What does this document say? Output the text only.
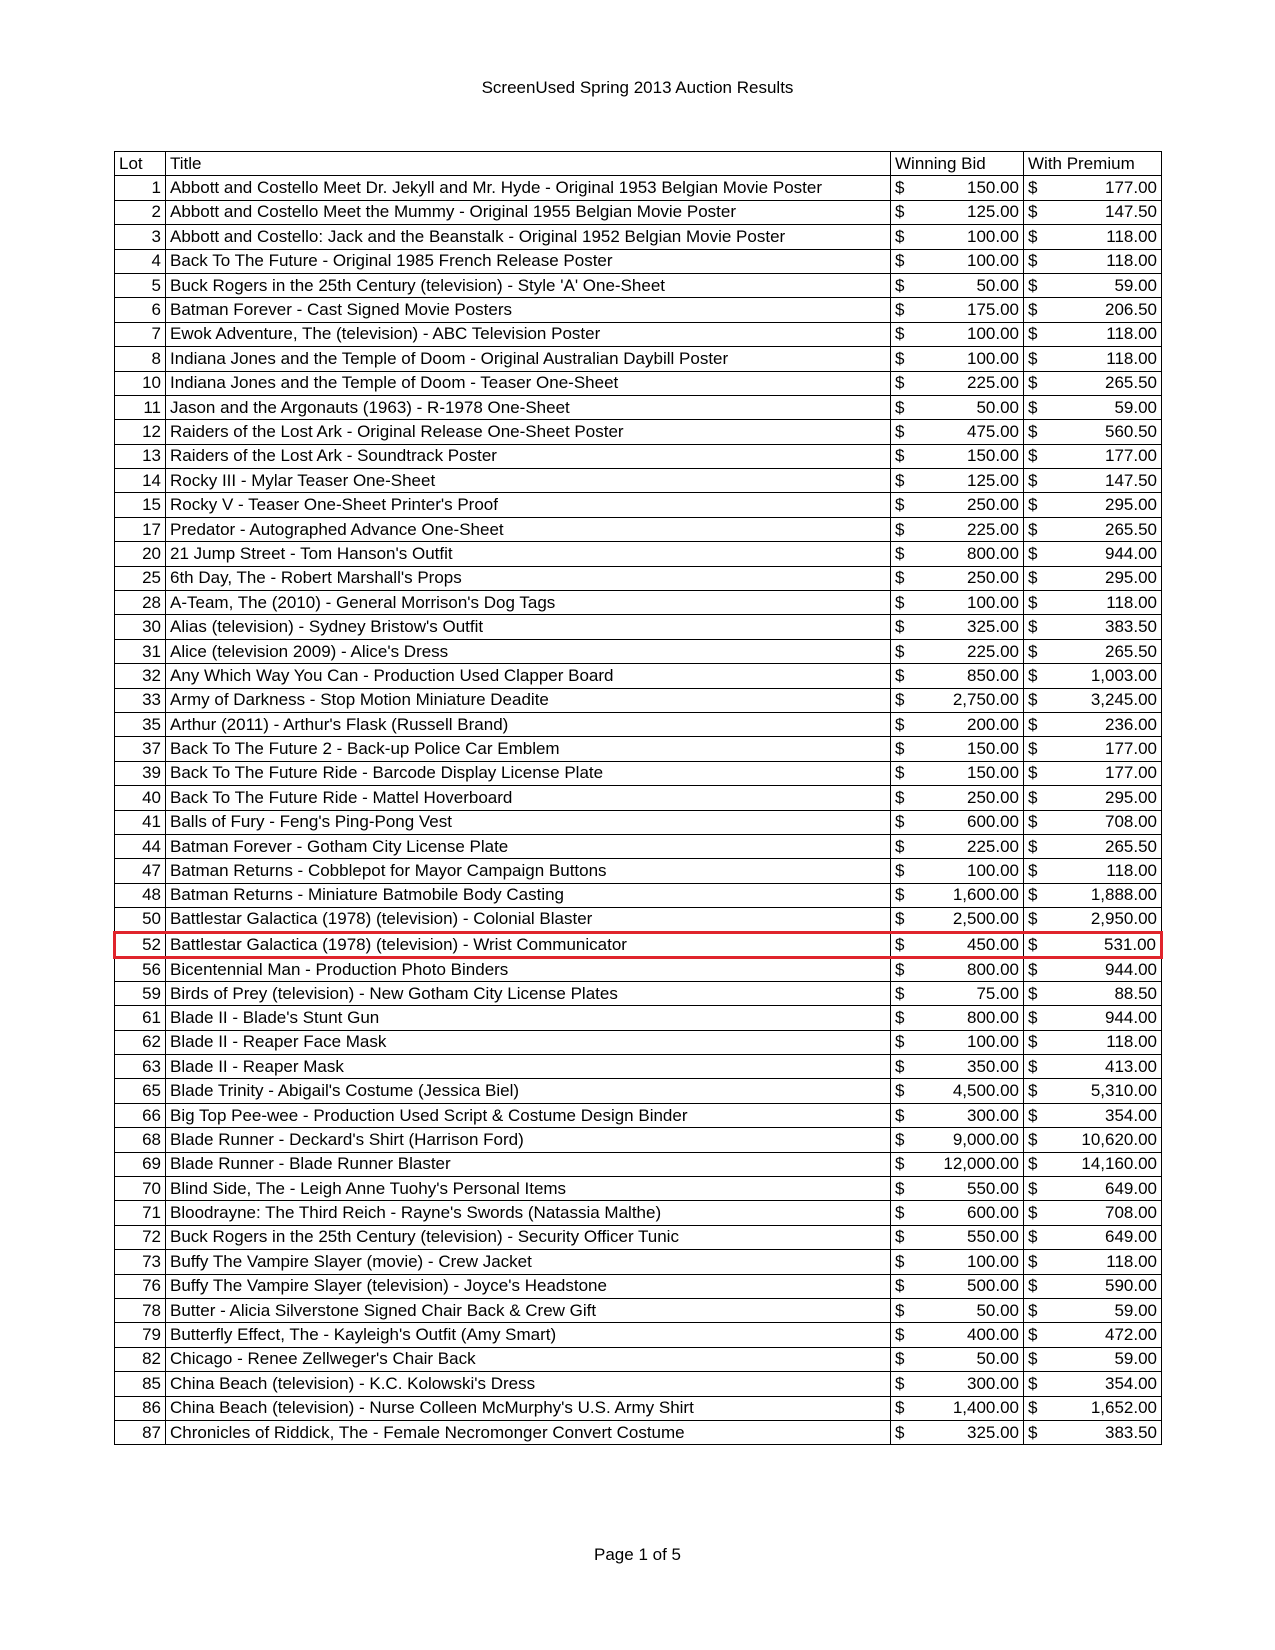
ScreenUsed Spring 2013 Auction Results
Lot	Title	Winning Bid	With Premium
1	Abbott and Costello Meet Dr. Jekyll and Mr. Hyde - Original 1953 Belgian Movie Poster	$ 150.00	$ 177.00

2	Abbott and Costello Meet the Mummy - Original 1955 Belgian Movie Poster	$ 125.00	$ 147.50

3	Abbott and Costello: Jack and the Beanstalk - Original 1952 Belgian Movie Poster	$ 100.00	$ 118.00

4	Back To The Future - Original 1985 French Release Poster	$ 100.00	$ 118.00

5	Buck Rogers in the 25th Century (television) - Style 'A' One-Sheet	$ 50.00	$ 59.00

6	Batman Forever - Cast Signed Movie Posters	$ 175.00	$ 206.50

7	Ewok Adventure, The (television) - ABC Television Poster	$ 100.00	$ 118.00

8	Indiana Jones and the Temple of Doom - Original Australian Daybill Poster	$ 100.00	$ 118.00

10	Indiana Jones and the Temple of Doom - Teaser One-Sheet	$ 225.00	$ 265.50

11	Jason and the Argonauts (1963) - R-1978 One-Sheet	$ 50.00	$ 59.00

12	Raiders of the Lost Ark - Original Release One-Sheet Poster	$ 475.00	$ 560.50

13	Raiders of the Lost Ark - Soundtrack Poster	$ 150.00	$ 177.00

14	Rocky III - Mylar Teaser One-Sheet	$ 125.00	$ 147.50

15	Rocky V - Teaser One-Sheet Printer's Proof	$ 250.00	$ 295.00

17	Predator - Autographed Advance One-Sheet	$ 225.00	$ 265.50

20	21 Jump Street - Tom Hanson's Outfit	$ 800.00	$ 944.00

25	6th Day, The - Robert Marshall's Props	$ 250.00	$ 295.00

28	A-Team, The (2010) - General Morrison's Dog Tags	$ 100.00	$ 118.00

30	Alias (television) - Sydney Bristow's Outfit	$ 325.00	$ 383.50

31	Alice (television 2009) - Alice's Dress	$ 225.00	$ 265.50

32	Any Which Way You Can - Production Used Clapper Board	$ 850.00	$ 1,003.00

33	Army of Darkness - Stop Motion Miniature Deadite	$ 2,750.00	$ 3,245.00

35	Arthur (2011) - Arthur's Flask (Russell Brand)	$ 200.00	$ 236.00

37	Back To The Future 2 - Back-up Police Car Emblem	$ 150.00	$ 177.00

39	Back To The Future Ride - Barcode Display License Plate	$ 150.00	$ 177.00

40	Back To The Future Ride - Mattel Hoverboard	$ 250.00	$ 295.00

41	Balls of Fury - Feng's Ping-Pong Vest	$ 600.00	$ 708.00

44	Batman Forever - Gotham City License Plate	$ 225.00	$ 265.50

47	Batman Returns - Cobblepot for Mayor Campaign Buttons	$ 100.00	$ 118.00

48	Batman Returns - Miniature Batmobile Body Casting	$ 1,600.00	$ 1,888.00

50	Battlestar Galactica (1978) (television) - Colonial Blaster	$ 2,500.00	$ 2,950.00

52	Battlestar Galactica (1978) (television) - Wrist Communicator	$ 450.00	$ 531.00

56	Bicentennial Man - Production Photo Binders	$ 800.00	$ 944.00

59	Birds of Prey (television) - New Gotham City License Plates	$ 75.00	$ 88.50

61	Blade II - Blade's Stunt Gun	$ 800.00	$ 944.00

62	Blade II - Reaper Face Mask	$ 100.00	$ 118.00

63	Blade II - Reaper Mask	$ 350.00	$ 413.00

65	Blade Trinity - Abigail's Costume (Jessica Biel)	$ 4,500.00	$ 5,310.00

66	Big Top Pee-wee - Production Used Script & Costume Design Binder	$ 300.00	$ 354.00

68	Blade Runner - Deckard's Shirt (Harrison Ford)	$ 9,000.00	$ 10,620.00

69	Blade Runner - Blade Runner Blaster	$ 12,000.00	$ 14,160.00

70	Blind Side, The - Leigh Anne Tuohy's Personal Items	$ 550.00	$ 649.00

71	Bloodrayne: The Third Reich - Rayne's Swords (Natassia Malthe)	$ 600.00	$ 708.00

72	Buck Rogers in the 25th Century (television) - Security Officer Tunic	$ 550.00	$ 649.00

73	Buffy The Vampire Slayer (movie) - Crew Jacket	$ 100.00	$ 118.00

76	Buffy The Vampire Slayer (television) - Joyce's Headstone	$ 500.00	$ 590.00

78	Butter - Alicia Silverstone Signed Chair Back & Crew Gift	$ 50.00	$ 59.00

79	Butterfly Effect, The - Kayleigh's Outfit (Amy Smart)	$ 400.00	$ 472.00

82	Chicago - Renee Zellweger's Chair Back	$ 50.00	$ 59.00

85	China Beach (television) - K.C. Kolowski's Dress	$ 300.00	$ 354.00

86	China Beach (television) - Nurse Colleen McMurphy's U.S. Army Shirt	$ 1,400.00	$ 1,652.00

87	Chronicles of Riddick, The - Female Necromonger Convert Costume	$ 325.00	$ 383.50
Page 1 of 5
